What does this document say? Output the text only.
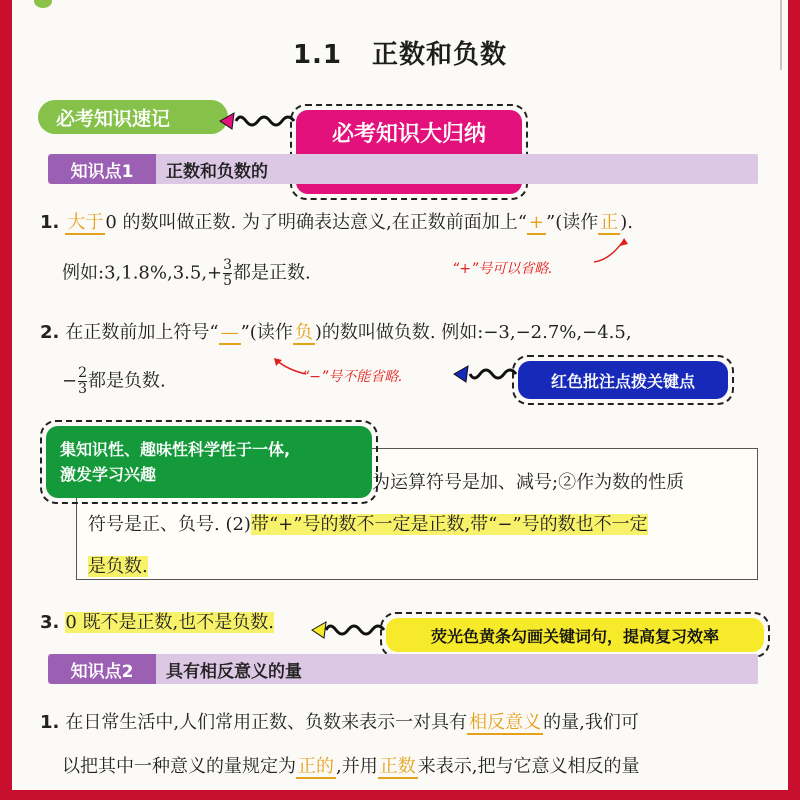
1.1 正数和负数
必考知识速记
必考知识大归纳
知识点1	正数和负数的
1. 大于 0 的数叫做正数. 为了明确表达意义,在正数前面加上“ + ”(读作 正 ).
例如:3,1.8%,3.5,+ $\frac{3}{5}$ 都是正数.	“+”号可以省略.
2. 在正数前加上符号“ — ”(读作 负 )的数叫做负数. 例如:−3,−2.7%,−4.5,
− $\frac{2}{3}$ 都是负数.	“−”号不能省略.	红色批注点拨关键点
为运算符号是加、减号;②作为数的性质
符号是正、负号. (2)带“+”号的数不一定是正数,带“−”号的数也不一定
是负数.
集知识性、趣味性科学性于一体,
激发学习兴趣
3. 0 既不是正数,也不是负数.
荧光色黄条勾画关键词句，提高复习效率
知识点2	具有相反意义的量
1. 在日常生活中,人们常用正数、负数来表示一对具有 相反意义 的量,我们可
以把其中一种意义的量规定为 正的 ,并用 正数 来表示,把与它意义相反的量
